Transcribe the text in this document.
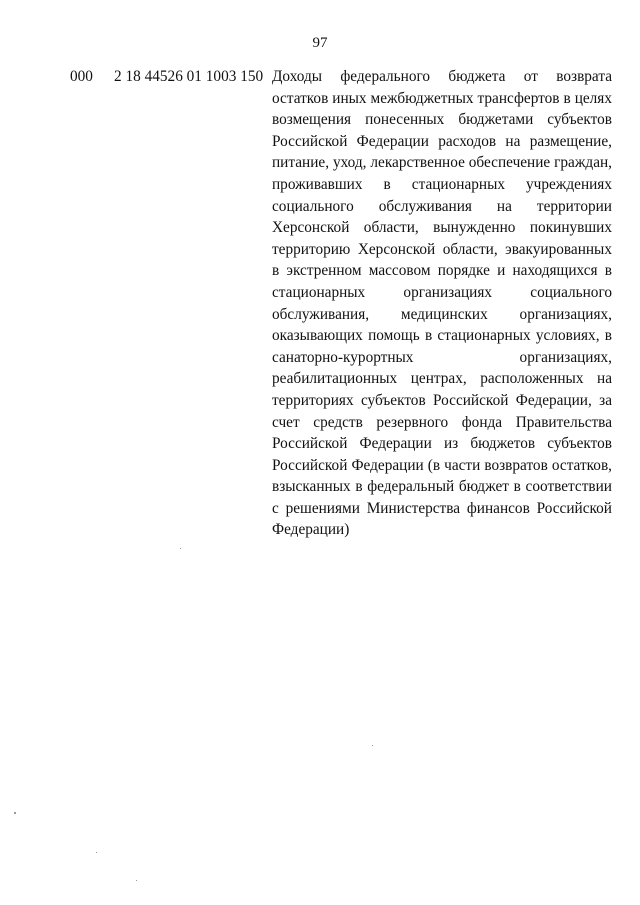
97
000 2 18 44526 01 1003 150 Доходы федерального бюджета от возврата остатков иных межбюджетных трансфертов в целях возмещения понесенных бюджетами субъектов Российской Федерации расходов на размещение, питание, уход, лекарственное обеспечение граждан, проживавших в стационарных учреждениях социального обслуживания на территории Херсонской области, вынужденно покинувших территорию Херсонской области, эвакуированных в экстренном массовом порядке и находящихся в стационарных организациях социального обслуживания, медицинских организациях, оказывающих помощь в стационарных условиях, в санаторно-курортных организациях, реабилитационных центрах, расположенных на территориях субъектов Российской Федерации, за счет средств резервного фонда Правительства Российской Федерации из бюджетов субъектов Российской Федерации (в части возвратов остатков, взысканных в федеральный бюджет в соответствии с решениями Министерства финансов Российской Федерации)
